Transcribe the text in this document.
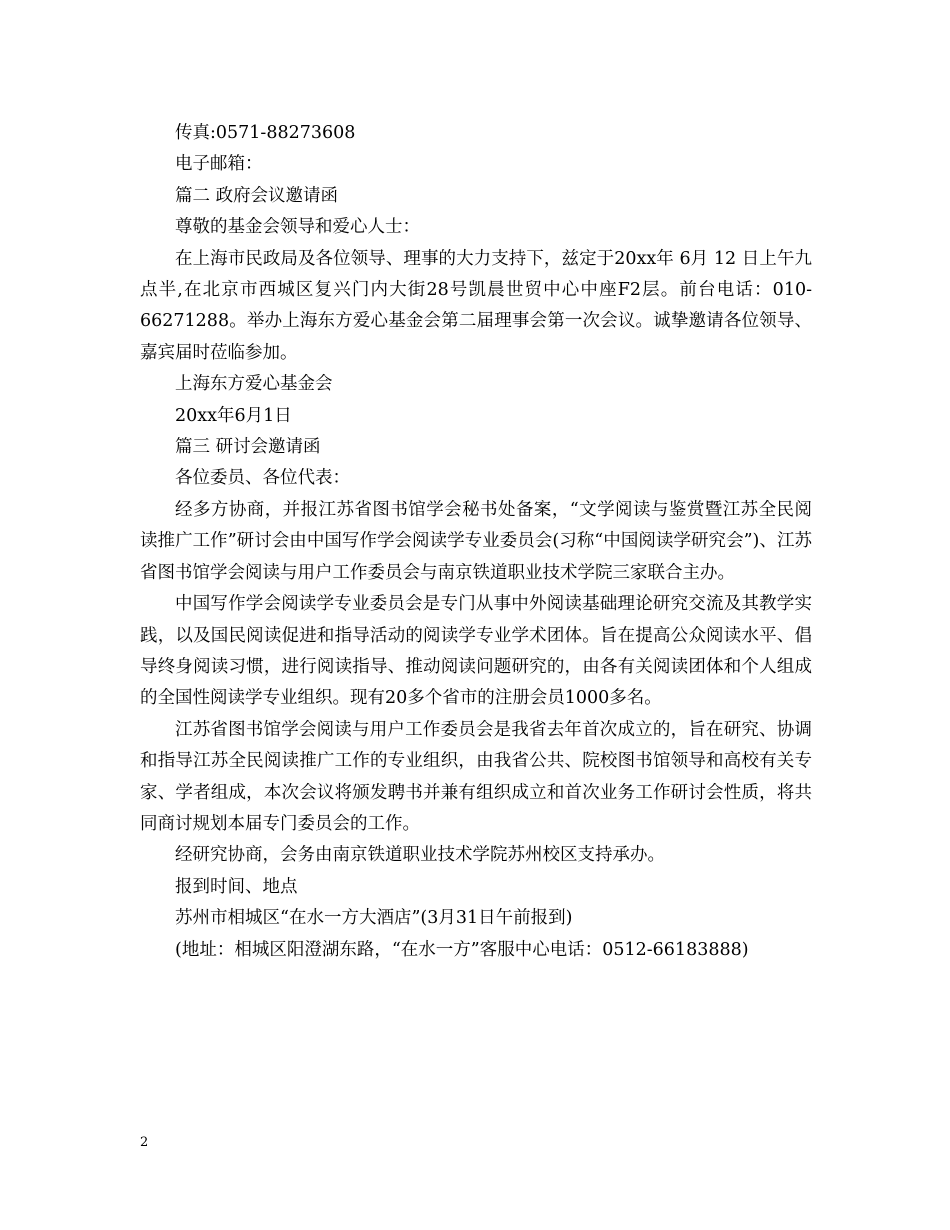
传真:0571-88273608

电子邮箱：

篇二 政府会议邀请函

尊敬的基金会领导和爱心人士：

在上海市民政局及各位领导、理事的大力支持下，兹定于20xx年 6月 12 日上午九点半,在北京市西城区复兴门内大街28号凯晨世贸中心中座F2层。前台电话：010-66271288。举办上海东方爱心基金会第二届理事会第一次会议。诚挚邀请各位领导、嘉宾届时莅临参加。

上海东方爱心基金会

20xx年6月1日

篇三 研讨会邀请函

各位委员、各位代表：

经多方协商，并报江苏省图书馆学会秘书处备案，“文学阅读与鉴赏暨江苏全民阅读推广工作”研讨会由中国写作学会阅读学专业委员会(习称“中国阅读学研究会”)、江苏省图书馆学会阅读与用户工作委员会与南京铁道职业技术学院三家联合主办。

中国写作学会阅读学专业委员会是专门从事中外阅读基础理论研究交流及其教学实践，以及国民阅读促进和指导活动的阅读学专业学术团体。旨在提高公众阅读水平、倡导终身阅读习惯，进行阅读指导、推动阅读问题研究的，由各有关阅读团体和个人组成的全国性阅读学专业组织。现有20多个省市的注册会员1000多名。

江苏省图书馆学会阅读与用户工作委员会是我省去年首次成立的，旨在研究、协调和指导江苏全民阅读推广工作的专业组织，由我省公共、院校图书馆领导和高校有关专家、学者组成，本次会议将颁发聘书并兼有组织成立和首次业务工作研讨会性质，将共同商讨规划本届专门委员会的工作。

经研究协商，会务由南京铁道职业技术学院苏州校区支持承办。

报到时间、地点

苏州市相城区“在水一方大酒店”(3月31日午前报到)

(地址：相城区阳澄湖东路，“在水一方”客服中心电话：0512-66183888)

2
